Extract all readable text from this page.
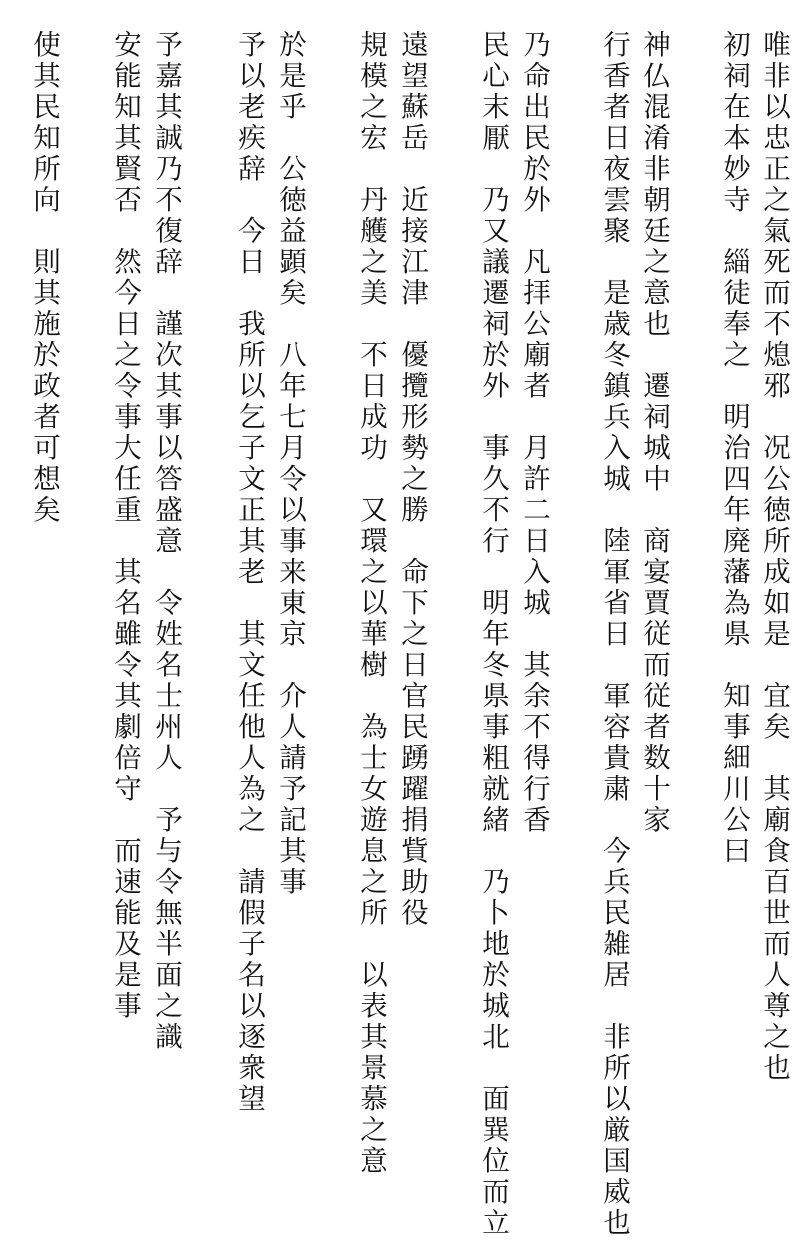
唯非以忠正之氣死而不熄邪　况公徳所成如是　宜矣　其廟食百世而人尊之也

初祠在本妙寺　緇徒奉之　明治四年廃藩為県　知事細川公曰

神仏混淆非朝廷之意也　遷祠城中　商宴賈従而従者数十家

行香者日夜雲聚　是歳冬鎮兵入城　陸軍省日　軍容貴粛　今兵民雑居　非所以厳国威也

乃命出民於外　凡拝公廟者　月許二日入城　其余不得行香

民心末厭　乃又議遷祠於外　事久不行　明年冬県事粗就緒　乃卜地於城北　面巽位而立

遠望蘇岳　近接江津　優攬形勢之勝　命下之日官民踴躍捐貲助役

規模之宏　丹艧之美　不日成功　又環之以華樹　為士女遊息之所　以表其景慕之意

於是乎　公徳益顕矣　八年七月令以事来東京　介人請予記其事

予以老疾辞　今日　我所以乞子文正其老　其文任他人為之　請假子名以逐衆望

予嘉其誠乃不復辞　謹次其事以答盛意　令姓名士州人　予与令無半面之識

安能知其賢否　然今日之令事大任重　其名雖令其劇倍守　而速能及是事

使其民知所向　則其施於政者可想矣
